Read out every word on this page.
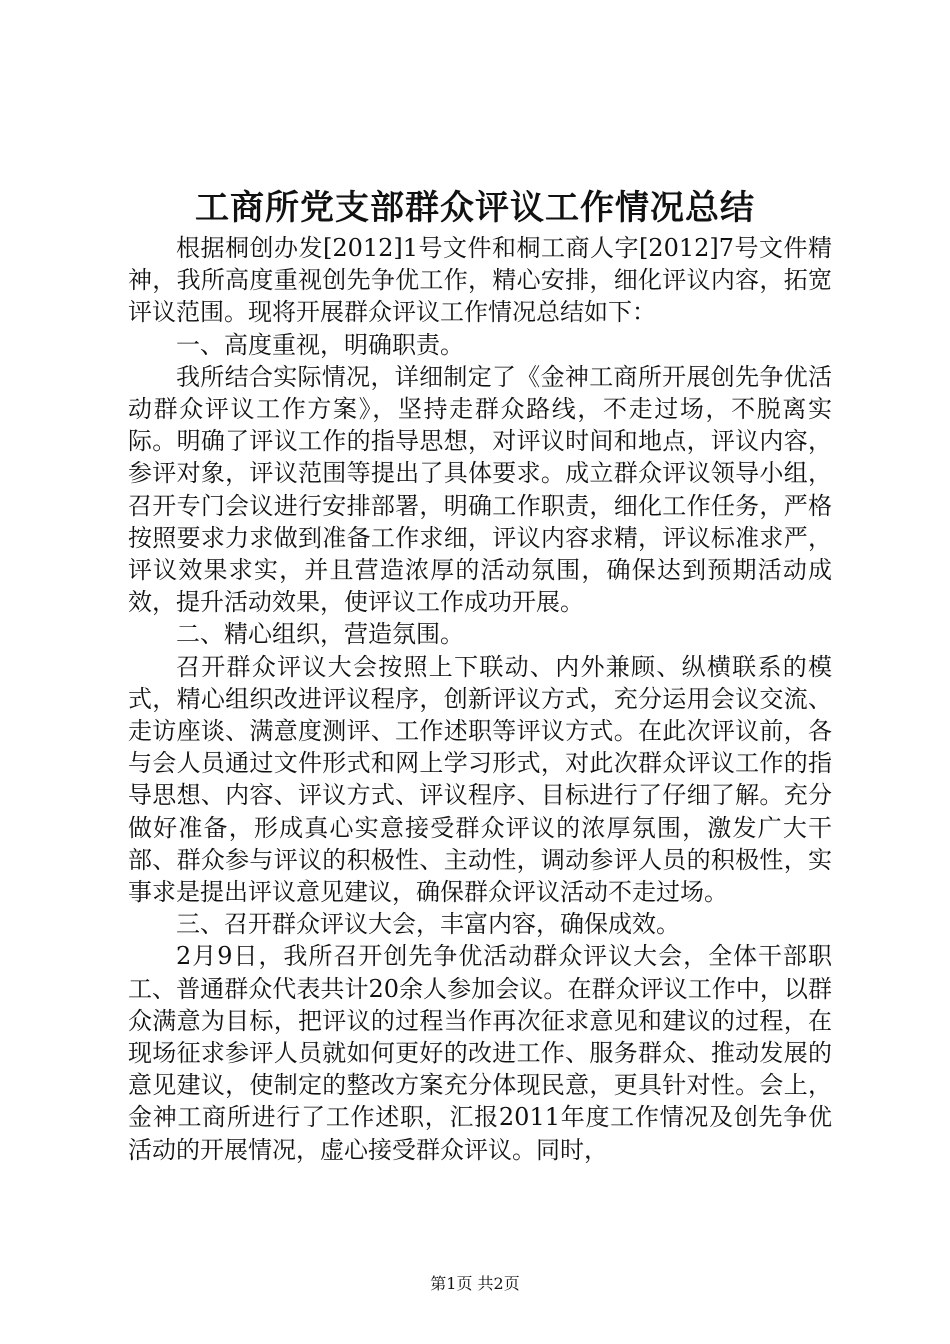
工商所党支部群众评议工作情况总结

根据桐创办发[2012]1号文件和桐工商人字[2012]7号文件精神，我所高度重视创先争优工作，精心安排，细化评议内容，拓宽评议范围。现将开展群众评议工作情况总结如下：

一、高度重视，明确职责。

我所结合实际情况，详细制定了《金神工商所开展创先争优活动群众评议工作方案》，坚持走群众路线，不走过场，不脱离实际。明确了评议工作的指导思想，对评议时间和地点，评议内容，参评对象，评议范围等提出了具体要求。成立群众评议领导小组，召开专门会议进行安排部署，明确工作职责，细化工作任务，严格按照要求力求做到准备工作求细，评议内容求精，评议标准求严，评议效果求实，并且营造浓厚的活动氛围，确保达到预期活动成效，提升活动效果，使评议工作成功开展。

二、精心组织，营造氛围。

召开群众评议大会按照上下联动、内外兼顾、纵横联系的模式，精心组织改进评议程序，创新评议方式，充分运用会议交流、走访座谈、满意度测评、工作述职等评议方式。在此次评议前，各与会人员通过文件形式和网上学习形式，对此次群众评议工作的指导思想、内容、评议方式、评议程序、目标进行了仔细了解。充分做好准备，形成真心实意接受群众评议的浓厚氛围，激发广大干部、群众参与评议的积极性、主动性，调动参评人员的积极性，实事求是提出评议意见建议，确保群众评议活动不走过场。

三、召开群众评议大会，丰富内容，确保成效。

2月9日，我所召开创先争优活动群众评议大会，全体干部职工、普通群众代表共计20余人参加会议。在群众评议工作中，以群众满意为目标，把评议的过程当作再次征求意见和建议的过程，在现场征求参评人员就如何更好的改进工作、服务群众、推动发展的意见建议，使制定的整改方案充分体现民意，更具针对性。会上，金神工商所进行了工作述职，汇报2011年度工作情况及创先争优活动的开展情况，虚心接受群众评议。同时，

第1页 共2页
